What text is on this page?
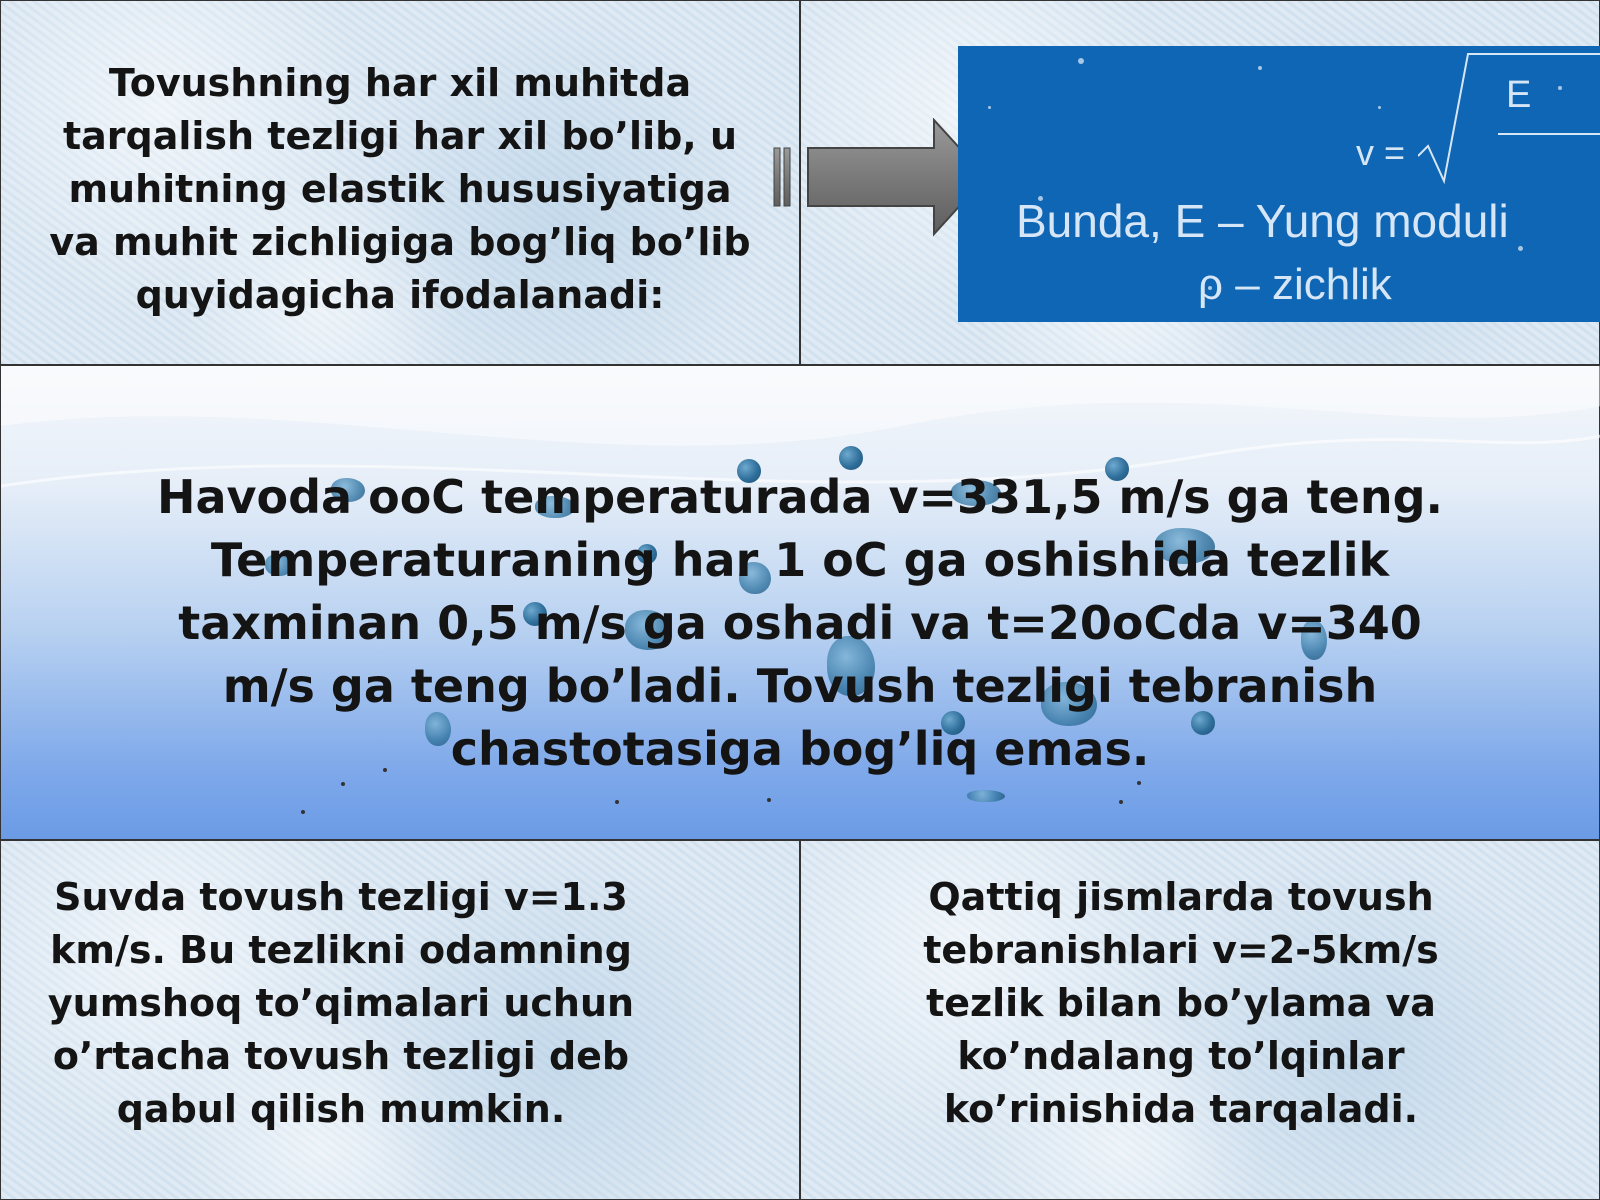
Tovushning har xil muhitda
tarqalish tezligi har xil bo’lib, u
muhitning elastik hususiyatiga
va muhit zichligiga bog’liq bo’lib
quyidagicha ifodalanadi:
v =
E
Bunda, E – Yung moduli
ρ – zichlik
Havoda ooC temperaturada v=331,5 m/s ga teng.
Temperaturaning har 1 oC ga oshishida tezlik
taxminan 0,5 m/s ga oshadi va t=20oCda v=340
m/s ga teng bo’ladi. Tovush tezligi tebranish
chastotasiga bog’liq emas.
Suvda tovush tezligi v=1.3
km/s. Bu tezlikni odamning
yumshoq to’qimalari uchun
o’rtacha tovush tezligi deb
qabul qilish mumkin.
Qattiq jismlarda tovush
tebranishlari v=2-5km/s
tezlik bilan bo’ylama va
ko’ndalang to’lqinlar
ko’rinishida tarqaladi.
